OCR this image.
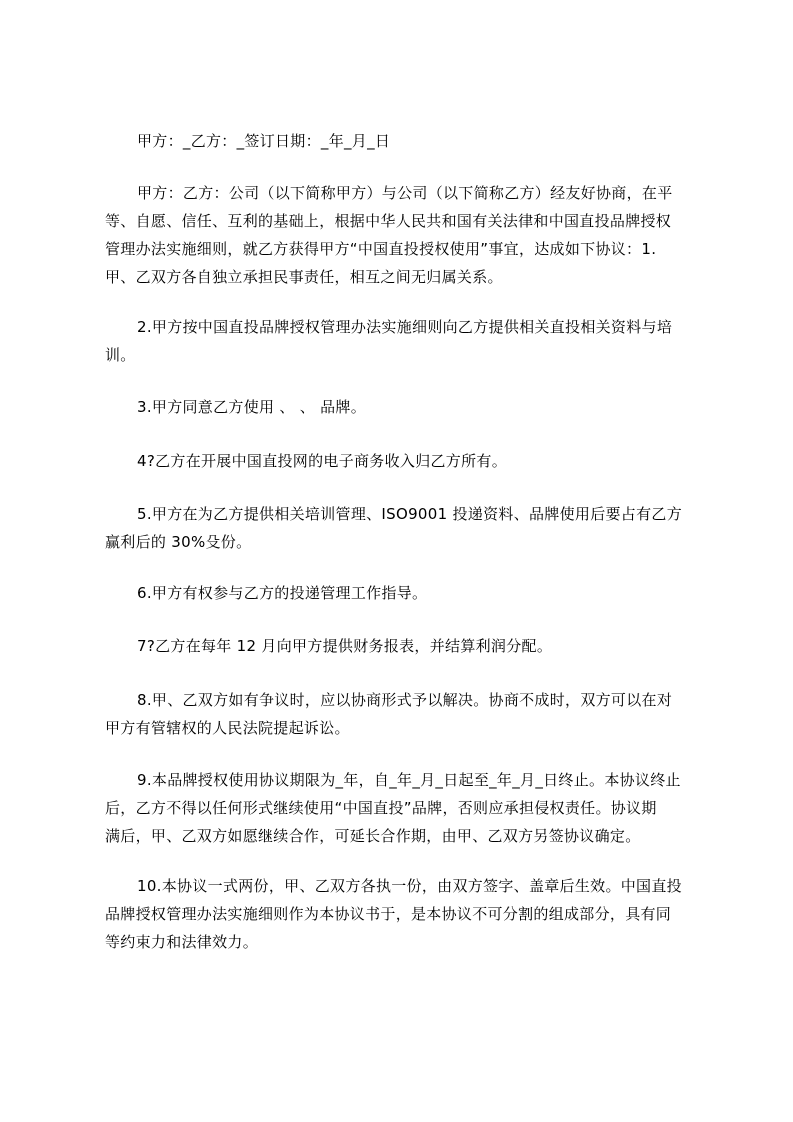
甲方：_乙方：_签订日期：_年_月_日
甲方：乙方：公司（以下简称甲方）与公司（以下简称乙方）经友好协商，在平
等、自愿、信任、互利的基础上，根据中华人民共和国有关法律和中国直投品牌授权
管理办法实施细则，就乙方获得甲方“中国直投授权使用”事宜，达成如下协议：1.
甲、乙双方各自独立承担民事责任，相互之间无归属关系。
2.甲方按中国直投品牌授权管理办法实施细则向乙方提供相关直投相关资料与培
训。
3.甲方同意乙方使用 、 、 品牌。
4?乙方在开展中国直投网的电子商务收入归乙方所有。
5.甲方在为乙方提供相关培训管理、ISO9001 投递资料、品牌使用后要占有乙方
赢利后的 30%殳份。
6.甲方有权参与乙方的投递管理工作指导。
7?乙方在每年 12 月向甲方提供财务报表，并结算利润分配。
8.甲、乙双方如有争议时，应以协商形式予以解决。协商不成时，双方可以在对
甲方有管辖权的人民法院提起诉讼。
9.本品牌授权使用协议期限为_年，自_年_月_日起至_年_月_日终止。本协议终止
后，乙方不得以任何形式继续使用“中国直投”品牌，否则应承担侵权责任。协议期
满后，甲、乙双方如愿继续合作，可延长合作期，由甲、乙双方另签协议确定。
10.本协议一式两份，甲、乙双方各执一份，由双方签字、盖章后生效。中国直投
品牌授权管理办法实施细则作为本协议书于，是本协议不可分割的组成部分，具有同
等约束力和法律效力。
